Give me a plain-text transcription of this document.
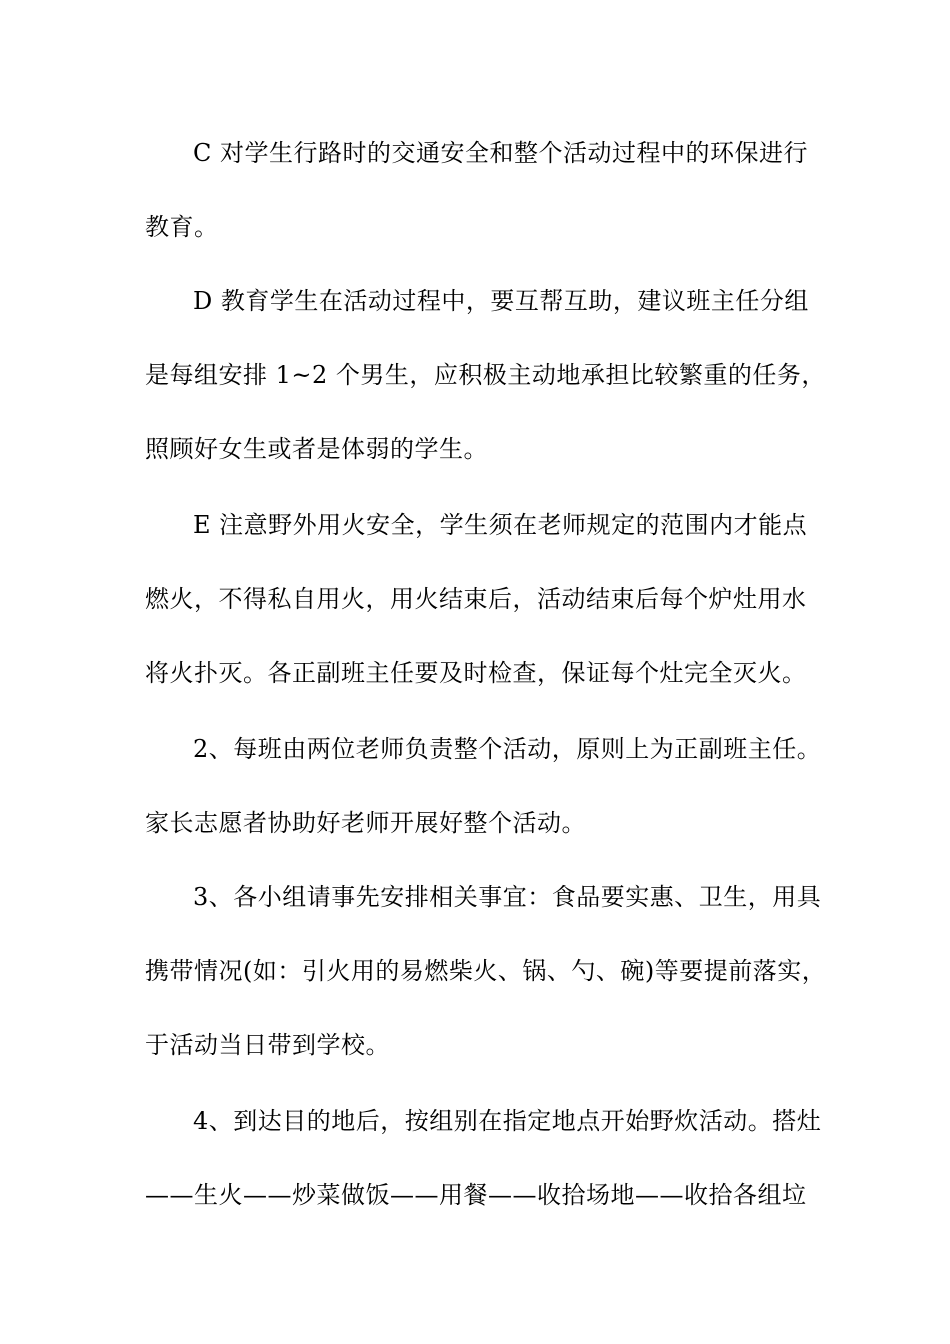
C 对学生行路时的交通安全和整个活动过程中的环保进行
教育。
D 教育学生在活动过程中，要互帮互助，建议班主任分组
是每组安排 1~2 个男生，应积极主动地承担比较繁重的任务，
照顾好女生或者是体弱的学生。
E 注意野外用火安全，学生须在老师规定的范围内才能点
燃火，不得私自用火，用火结束后，活动结束后每个炉灶用水
将火扑灭。各正副班主任要及时检查，保证每个灶完全灭火。
2、每班由两位老师负责整个活动，原则上为正副班主任。
家长志愿者协助好老师开展好整个活动。
3、各小组请事先安排相关事宜：食品要实惠、卫生，用具
携带情况(如：引火用的易燃柴火、锅、勺、碗)等要提前落实，
于活动当日带到学校。
4、到达目的地后，按组别在指定地点开始野炊活动。搭灶
——生火——炒菜做饭——用餐——收拾场地——收拾各组垃
